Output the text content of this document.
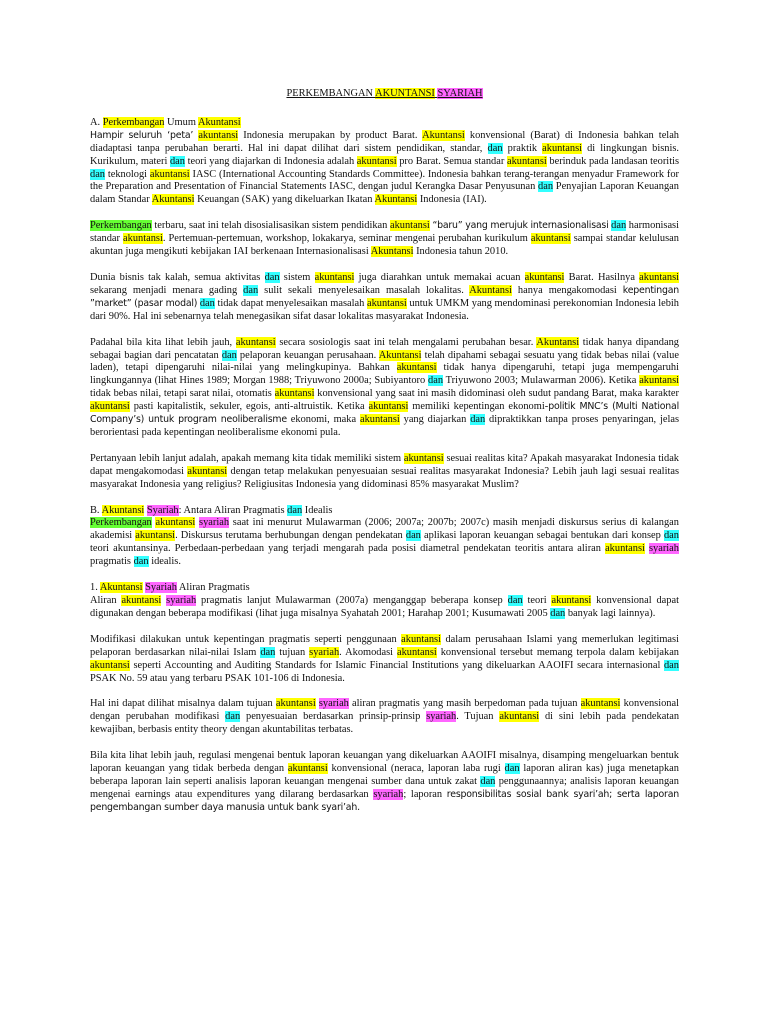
PERKEMBANGAN AKUNTANSI SYARIAH

A. Perkembangan Umum Akuntansi

Hampir seluruh ‘peta’ akuntansi Indonesia merupakan by product Barat. Akuntansi konvensional (Barat) di Indonesia bahkan telah diadaptasi tanpa perubahan berarti. Hal ini dapat dilihat dari sistem pendidikan, standar, dan praktik akuntansi di lingkungan bisnis. Kurikulum, materi dan teori yang diajarkan di Indonesia adalah akuntansi pro Barat. Semua standar akuntansi berinduk pada landasan teoritis dan teknologi akuntansi IASC (International Accounting Standards Committee). Indonesia bahkan terang-terangan menyadur Framework for the Preparation and Presentation of Financial Statements IASC, dengan judul Kerangka Dasar Penyusunan dan Penyajian Laporan Keuangan dalam Standar Akuntansi Keuangan (SAK) yang dikeluarkan Ikatan Akuntansi Indonesia (IAI).

Perkembangan terbaru, saat ini telah disosialisasikan sistem pendidikan akuntansi “baru” yang merujuk internasionalisasi dan harmonisasi standar akuntansi. Pertemuan-pertemuan, workshop, lokakarya, seminar mengenai perubahan kurikulum akuntansi sampai standar kelulusan akuntan juga mengikuti kebijakan IAI berkenaan Internasionalisasi Akuntansi Indonesia tahun 2010.

Dunia bisnis tak kalah, semua aktivitas dan sistem akuntansi juga diarahkan untuk memakai acuan akuntansi Barat. Hasilnya akuntansi sekarang menjadi menara gading dan sulit sekali menyelesaikan masalah lokalitas. Akuntansi hanya mengakomodasi kepentingan ”market” (pasar modal) dan tidak dapat menyelesaikan masalah akuntansi untuk UMKM yang mendominasi perekonomian Indonesia lebih dari 90%. Hal ini sebenarnya telah menegasikan sifat dasar lokalitas masyarakat Indonesia.

Padahal bila kita lihat lebih jauh, akuntansi secara sosiologis saat ini telah mengalami perubahan besar. Akuntansi tidak hanya dipandang sebagai bagian dari pencatatan dan pelaporan keuangan perusahaan. Akuntansi telah dipahami sebagai sesuatu yang tidak bebas nilai (value laden), tetapi dipengaruhi nilai-nilai yang melingkupinya. Bahkan akuntansi tidak hanya dipengaruhi, tetapi juga mempengaruhi lingkungannya (lihat Hines 1989; Morgan 1988; Triyuwono 2000a; Subiyantoro dan Triyuwono 2003; Mulawarman 2006). Ketika akuntansi tidak bebas nilai, tetapi sarat nilai, otomatis akuntansi konvensional yang saat ini masih didominasi oleh sudut pandang Barat, maka karakter akuntansi pasti kapitalistik, sekuler, egois, anti-altruistik. Ketika akuntansi memiliki kepentingan ekonomi-politik MNC’s (Multi National Company’s) untuk program neoliberalisme ekonomi, maka akuntansi yang diajarkan dan dipraktikkan tanpa proses penyaringan, jelas berorientasi pada kepentingan neoliberalisme ekonomi pula.

Pertanyaan lebih lanjut adalah, apakah memang kita tidak memiliki sistem akuntansi sesuai realitas kita? Apakah masyarakat Indonesia tidak dapat mengakomodasi akuntansi dengan tetap melakukan penyesuaian sesuai realitas masyarakat Indonesia? Lebih jauh lagi sesuai realitas masyarakat Indonesia yang religius? Religiusitas Indonesia yang didominasi 85% masyarakat Muslim?

B. Akuntansi Syariah: Antara Aliran Pragmatis dan Idealis

Perkembangan akuntansi syariah saat ini menurut Mulawarman (2006; 2007a; 2007b; 2007c) masih menjadi diskursus serius di kalangan akademisi akuntansi. Diskursus terutama berhubungan dengan pendekatan dan aplikasi laporan keuangan sebagai bentukan dari konsep dan teori akuntansinya. Perbedaan-perbedaan yang terjadi mengarah pada posisi diametral pendekatan teoritis antara aliran akuntansi syariah pragmatis dan idealis.

1. Akuntansi Syariah Aliran Pragmatis

Aliran akuntansi syariah pragmatis lanjut Mulawarman (2007a) menganggap beberapa konsep dan teori akuntansi konvensional dapat digunakan dengan beberapa modifikasi (lihat juga misalnya Syahatah 2001; Harahap 2001; Kusumawati 2005 dan banyak lagi lainnya).

Modifikasi dilakukan untuk kepentingan pragmatis seperti penggunaan akuntansi dalam perusahaan Islami yang memerlukan legitimasi pelaporan berdasarkan nilai-nilai Islam dan tujuan syariah. Akomodasi akuntansi konvensional tersebut memang terpola dalam kebijakan akuntansi seperti Accounting and Auditing Standards for Islamic Financial Institutions yang dikeluarkan AAOIFI secara internasional dan PSAK No. 59 atau yang terbaru PSAK 101-106 di Indonesia.

Hal ini dapat dilihat misalnya dalam tujuan akuntansi syariah aliran pragmatis yang masih berpedoman pada tujuan akuntansi konvensional dengan perubahan modifikasi dan penyesuaian berdasarkan prinsip-prinsip syariah. Tujuan akuntansi di sini lebih pada pendekatan kewajiban, berbasis entity theory dengan akuntabilitas terbatas.

Bila kita lihat lebih jauh, regulasi mengenai bentuk laporan keuangan yang dikeluarkan AAOIFI misalnya, disamping mengeluarkan bentuk laporan keuangan yang tidak berbeda dengan akuntansi konvensional (neraca, laporan laba rugi dan laporan aliran kas) juga menetapkan beberapa laporan lain seperti analisis laporan keuangan mengenai sumber dana untuk zakat dan penggunaannya; analisis laporan keuangan mengenai earnings atau expenditures yang dilarang berdasarkan syariah; laporan responsibilitas sosial bank syari’ah; serta laporan pengembangan sumber daya manusia untuk bank syari’ah.
